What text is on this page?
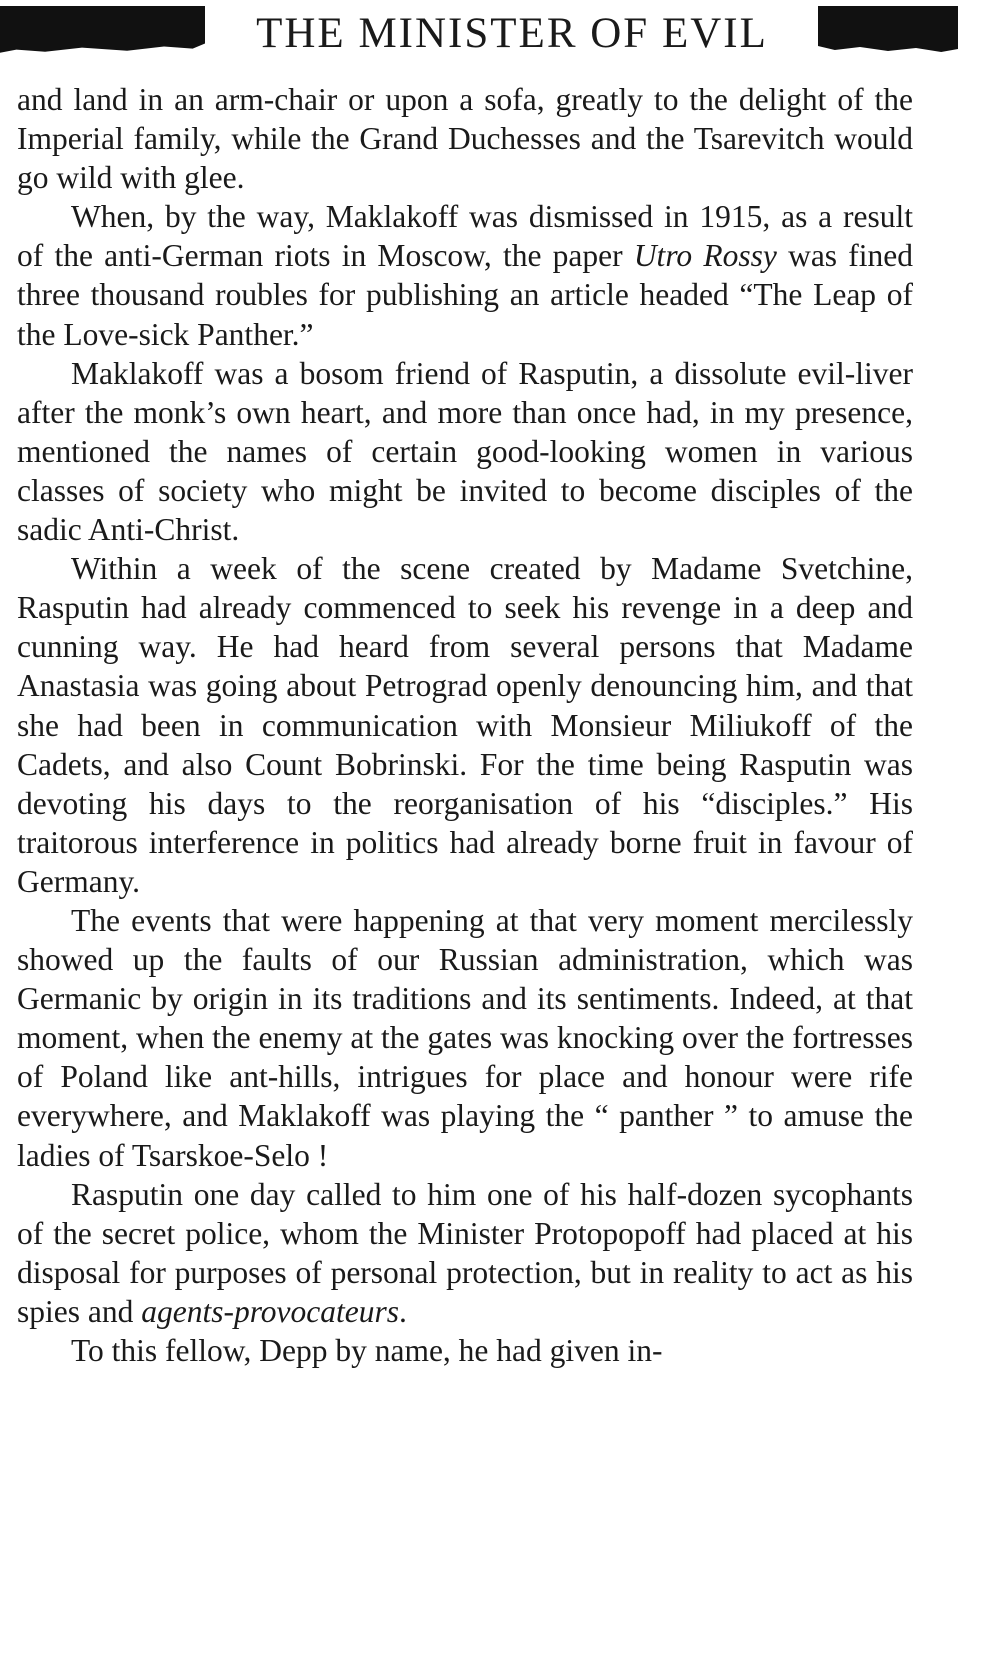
THE MINISTER OF EVIL

and land in an arm-chair or upon a sofa, greatly to the delight of the Imperial family, while the Grand Duchesses and the Tsarevitch would go wild with glee.

When, by the way, Maklakoff was dismissed in 1915, as a result of the anti-German riots in Moscow, the paper Utro Rossy was fined three thousand roubles for publishing an article headed “The Leap of the Love-sick Panther.”

Maklakoff was a bosom friend of Rasputin, a dissolute evil-liver after the monk’s own heart, and more than once had, in my presence, mentioned the names of certain good-looking women in various classes of society who might be invited to become disciples of the sadic Anti-Christ.

Within a week of the scene created by Madame Svetchine, Rasputin had already commenced to seek his revenge in a deep and cunning way. He had heard from several persons that Madame Anastasia was going about Petrograd openly denouncing him, and that she had been in communication with Monsieur Miliukoff of the Cadets, and also Count Bobrinski. For the time being Rasputin was devoting his days to the reorganisation of his “disciples.” His traitorous interference in politics had already borne fruit in favour of Germany.

The events that were happening at that very moment mercilessly showed up the faults of our Russian administration, which was Germanic by origin in its traditions and its sentiments. Indeed, at that moment, when the enemy at the gates was knocking over the fortresses of Poland like ant-hills, intrigues for place and honour were rife everywhere, and Maklakoff was playing the “ panther ” to amuse the ladies of Tsarskoe-Selo !

Rasputin one day called to him one of his half-dozen sycophants of the secret police, whom the Minister Protopopoff had placed at his disposal for purposes of personal protection, but in reality to act as his spies and agents-provocateurs.

To this fellow, Depp by name, he had given in-
